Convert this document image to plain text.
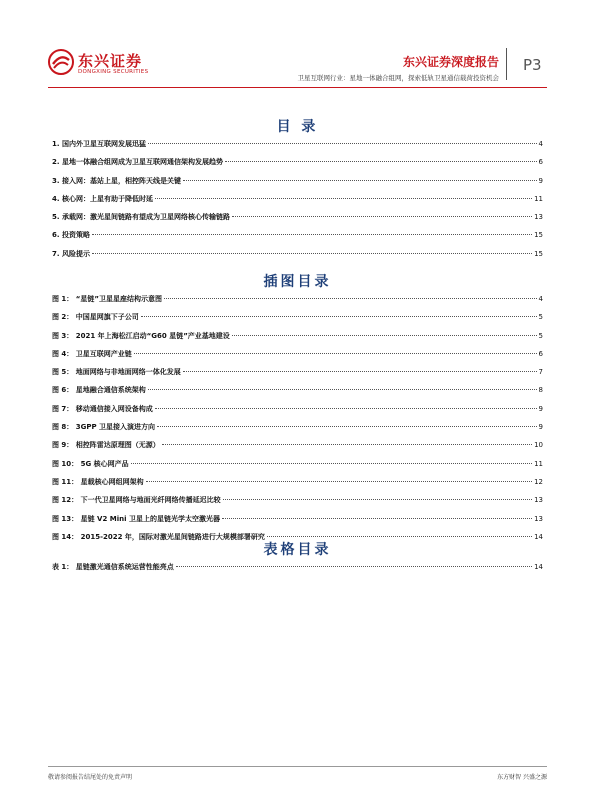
东兴证券
DONGXING SECURITIES
东兴证券深度报告
卫星互联网行业：星地一体融合组网，探索低轨卫星通信载荷投资机会
P3
目 录
1. 国内外卫星互联网发展迅猛	4
2. 星地一体融合组网成为卫星互联网通信架构发展趋势	6
3. 接入网：基站上星，相控阵天线是关键	9
4. 核心网：上星有助于降低时延	11
5. 承载网：激光星间链路有望成为卫星网络核心传输链路	13
6. 投资策略	15
7. 风险提示	15
插图目录
图 1： “星链”卫星星座结构示意图	4
图 2： 中国星网旗下子公司	5
图 3： 2021 年上海松江启动“G60 星链”产业基地建设	5
图 4： 卫星互联网产业链	6
图 5： 地面网络与非地面网络一体化发展	7
图 6： 星地融合通信系统架构	8
图 7： 移动通信接入网设备构成	9
图 8： 3GPP 卫星接入演进方向	9
图 9： 相控阵雷达原理图（无源）	10
图 10： 5G 核心网产品	11
图 11： 星载核心网组网架构	12
图 12： 下一代卫星网络与地面光纤网络传播延迟比较	13
图 13： 星链 V2 Mini 卫星上的星链光学太空激光器	13
图 14： 2015-2022 年，国际对激光星间链路进行大规模部署研究	14
表格目录
表 1： 星链激光通信系统运营性能亮点	14
敬请参阅报告结尾处的免责声明	东方财智 兴盛之源
